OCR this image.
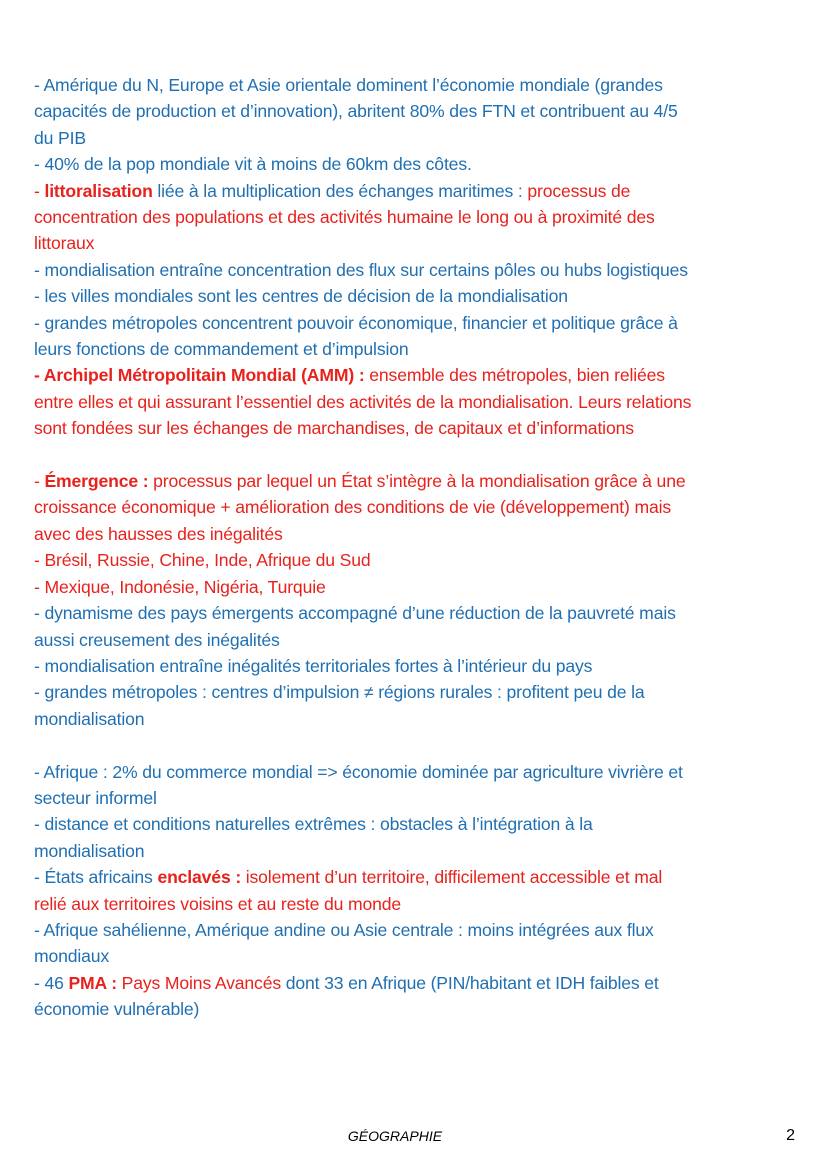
- Amérique du N, Europe et Asie orientale dominent l’économie mondiale (grandes
capacités de production et d’innovation), abritent 80% des FTN et contribuent au 4/5
du PIB
- 40% de la pop mondiale vit à moins de 60km des côtes.
- littoralisation liée à la multiplication des échanges maritimes : processus de
concentration des populations et des activités humaine le long ou à proximité des
littoraux
- mondialisation entraîne concentration des flux sur certains pôles ou hubs logistiques
- les villes mondiales sont les centres de décision de la mondialisation
- grandes métropoles concentrent pouvoir économique, financier et politique grâce à
leurs fonctions de commandement et d’impulsion
- Archipel Métropolitain Mondial (AMM) : ensemble des métropoles, bien reliées
entre elles et qui assurant l’essentiel des activités de la mondialisation. Leurs relations
sont fondées sur les échanges de marchandises, de capitaux et d’informations
- Émergence : processus par lequel un État s’intègre à la mondialisation grâce à une
croissance économique + amélioration des conditions de vie (développement) mais
avec des hausses des inégalités
- Brésil, Russie, Chine, Inde, Afrique du Sud
- Mexique, Indonésie, Nigéria, Turquie
- dynamisme des pays émergents accompagné d’une réduction de la pauvreté mais
aussi creusement des inégalités
- mondialisation entraîne inégalités territoriales fortes à l’intérieur du pays
- grandes métropoles : centres d’impulsion ≠ régions rurales : profitent peu de la
mondialisation
- Afrique : 2% du commerce mondial => économie dominée par agriculture vivrière et
secteur informel
- distance et conditions naturelles extrêmes : obstacles à l’intégration à la
mondialisation
- États africains enclavés : isolement d’un territoire, difficilement accessible et mal
relié aux territoires voisins et au reste du monde
- Afrique sahélienne, Amérique andine ou Asie centrale : moins intégrées aux flux
mondiaux
- 46 PMA : Pays Moins Avancés dont 33 en Afrique (PIN/habitant et IDH faibles et
économie vulnérable)
GÉOGRAPHIE	2
